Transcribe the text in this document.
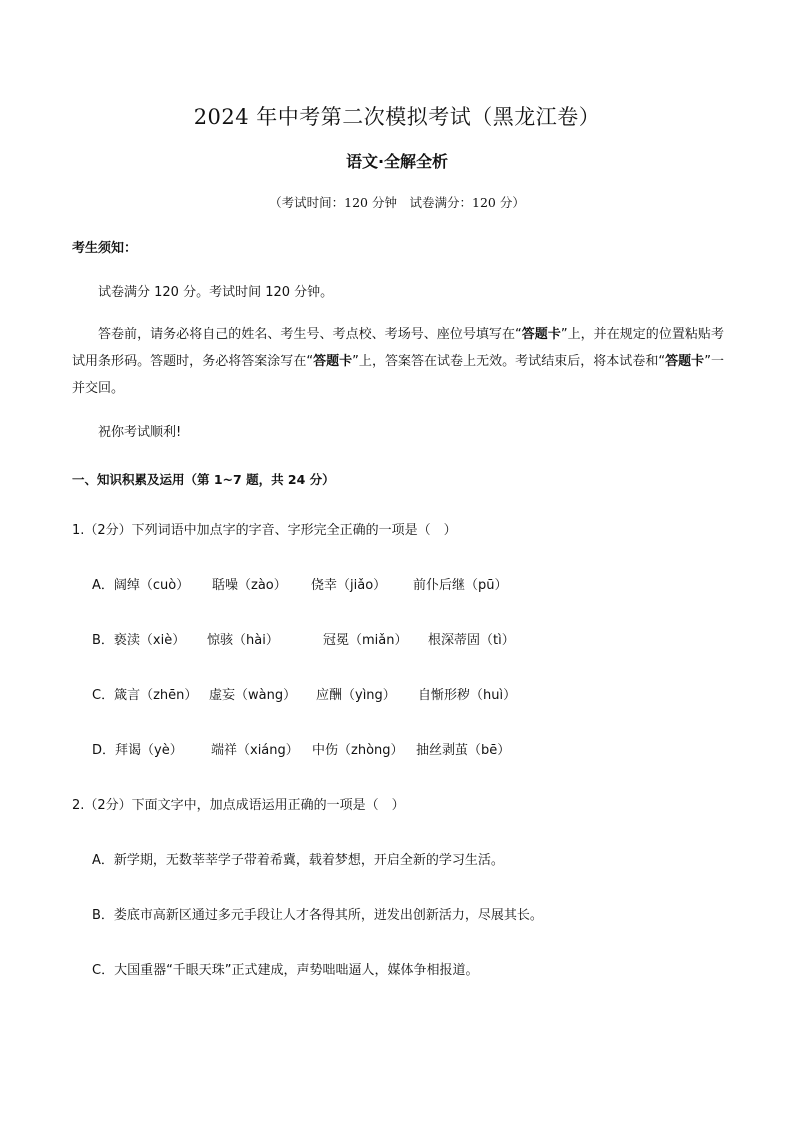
2024 年中考第二次模拟考试（黑龙江卷）
语文·全解全析
（考试时间：120 分钟　试卷满分：120 分）
考生须知：
试卷满分 120 分。考试时间 120 分钟。
答卷前，请务必将自己的姓名、考生号、考点校、考场号、座位号填写在“答题卡”上，并在规定的位置粘贴考试用条形码。答题时，务必将答案涂写在“答题卡”上，答案答在试卷上无效。考试结束后，将本试卷和“答题卡”一并交回。
祝你考试顺利!
一、知识积累及运用（第 1~7 题，共 24 分）
1.（2分）下列词语中加点字的字音、字形完全正确的一项是（　）
A．阔绰（cuò） 聒噪（zào） 侥幸（jiǎo） 前仆后继（pū）
B．亵渎（xiè） 惊骇（hài）	冠冕（miǎn） 根深蒂固（tì）
C．箴言（zhēn） 虚妄（wàng） 应酬（yìng） 自惭形秽（huì）
D．拜谒（yè） 端祥（xiáng） 中伤（zhòng） 抽丝剥茧（bē）
2.（2分）下面文字中，加点成语运用正确的一项是（　）
A．新学期，无数莘莘学子带着希冀，载着梦想，开启全新的学习生活。
B．娄底市高新区通过多元手段让人才各得其所，迸发出创新活力，尽展其长。
C．大国重器“千眼天珠”正式建成，声势咄咄逼人，媒体争相报道。
